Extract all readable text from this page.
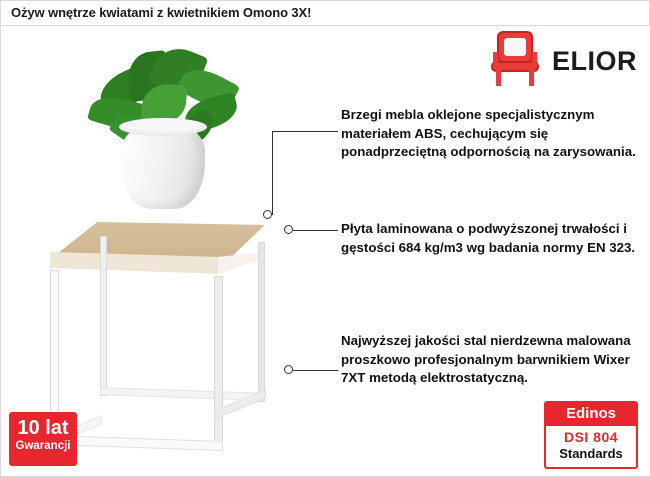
Ożyw wnętrze kwiatami z kwietnikiem Omono 3X!
ELIOR
Brzegi mebla oklejone specjalistycznym materiałem ABS, cechującym się ponadprzeciętną odpornością na zarysowania.
Płyta laminowana o podwyższonej trwałości i gęstości 684 kg/m3 wg badania normy EN 323.
Najwyższej jakości stal nierdzewna malowana proszkowo profesjonalnym barwnikiem Wixer 7XT metodą elektrostatyczną.
10 lat
Gwarancji
Edinos
DSI 804
Standards
